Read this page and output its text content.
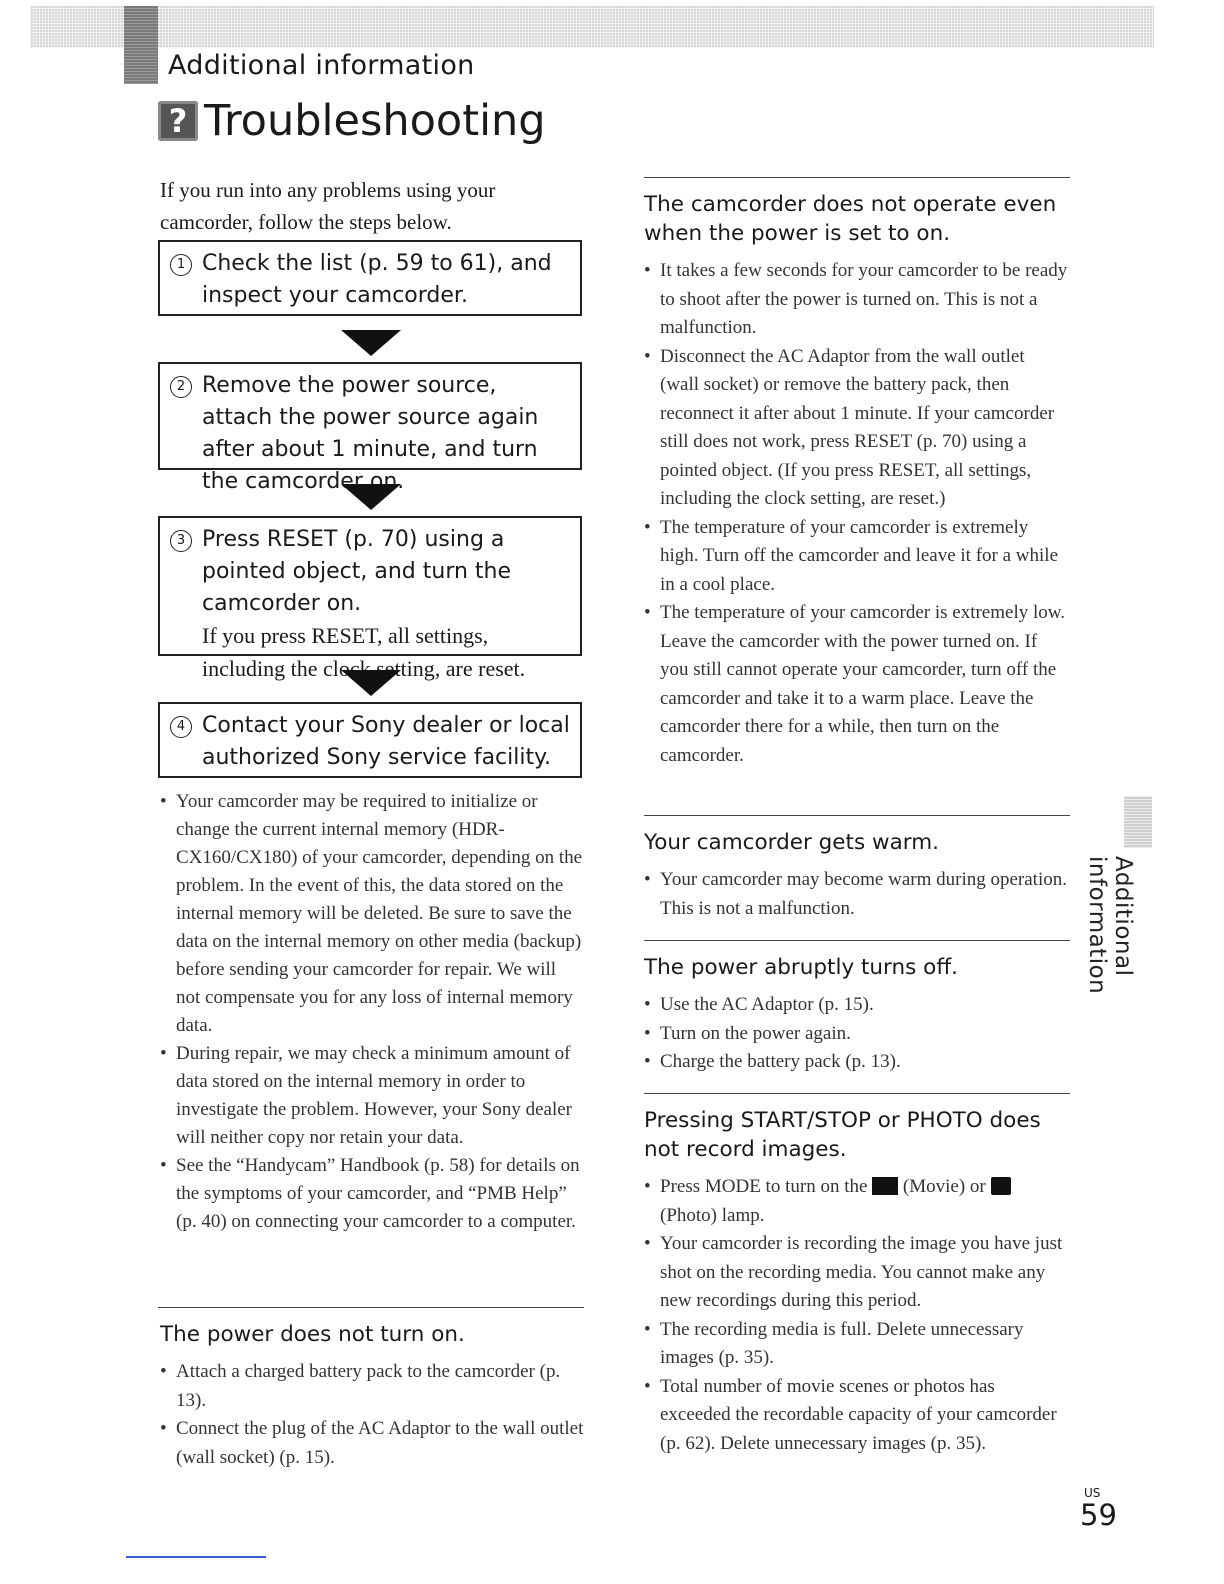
Additional information
? Troubleshooting
If you run into any problems using your camcorder, follow the steps below.
1 Check the list (p. 59 to 61), and inspect your camcorder.
2 Remove the power source, attach the power source again after about 1 minute, and turn the camcorder on.
3 Press RESET (p. 70) using a pointed object, and turn the camcorder on.
If you press RESET, all settings, including the clock setting, are reset.
4 Contact your Sony dealer or local authorized Sony service facility.
• Your camcorder may be required to initialize or change the current internal memory (HDR-CX160/CX180) of your camcorder, depending on the problem. In the event of this, the data stored on the internal memory will be deleted. Be sure to save the data on the internal memory on other media (backup) before sending your camcorder for repair. We will not compensate you for any loss of internal memory data.
• During repair, we may check a minimum amount of data stored on the internal memory in order to investigate the problem. However, your Sony dealer will neither copy nor retain your data.
• See the “Handycam” Handbook (p. 58) for details on the symptoms of your camcorder, and “PMB Help” (p. 40) on connecting your camcorder to a computer.
The power does not turn on.
• Attach a charged battery pack to the camcorder (p. 13).
• Connect the plug of the AC Adaptor to the wall outlet (wall socket) (p. 15).
The camcorder does not operate even when the power is set to on.
• It takes a few seconds for your camcorder to be ready to shoot after the power is turned on. This is not a malfunction.
• Disconnect the AC Adaptor from the wall outlet (wall socket) or remove the battery pack, then reconnect it after about 1 minute. If your camcorder still does not work, press RESET (p. 70) using a pointed object. (If you press RESET, all settings, including the clock setting, are reset.)
• The temperature of your camcorder is extremely high. Turn off the camcorder and leave it for a while in a cool place.
• The temperature of your camcorder is extremely low. Leave the camcorder with the power turned on. If you still cannot operate your camcorder, turn off the camcorder and take it to a warm place. Leave the camcorder there for a while, then turn on the camcorder.
Your camcorder gets warm.
• Your camcorder may become warm during operation. This is not a malfunction.
The power abruptly turns off.
• Use the AC Adaptor (p. 15).
• Turn on the power again.
• Charge the battery pack (p. 13).
Pressing START/STOP or PHOTO does not record images.
• Press MODE to turn on the (Movie) or  (Photo) lamp.
• Your camcorder is recording the image you have just shot on the recording media. You cannot make any new recordings during this period.
• The recording media is full. Delete unnecessary images (p. 35).
• Total number of movie scenes or photos has exceeded the recordable capacity of your camcorder (p. 62). Delete unnecessary images (p. 35).
Additional information
US
59
